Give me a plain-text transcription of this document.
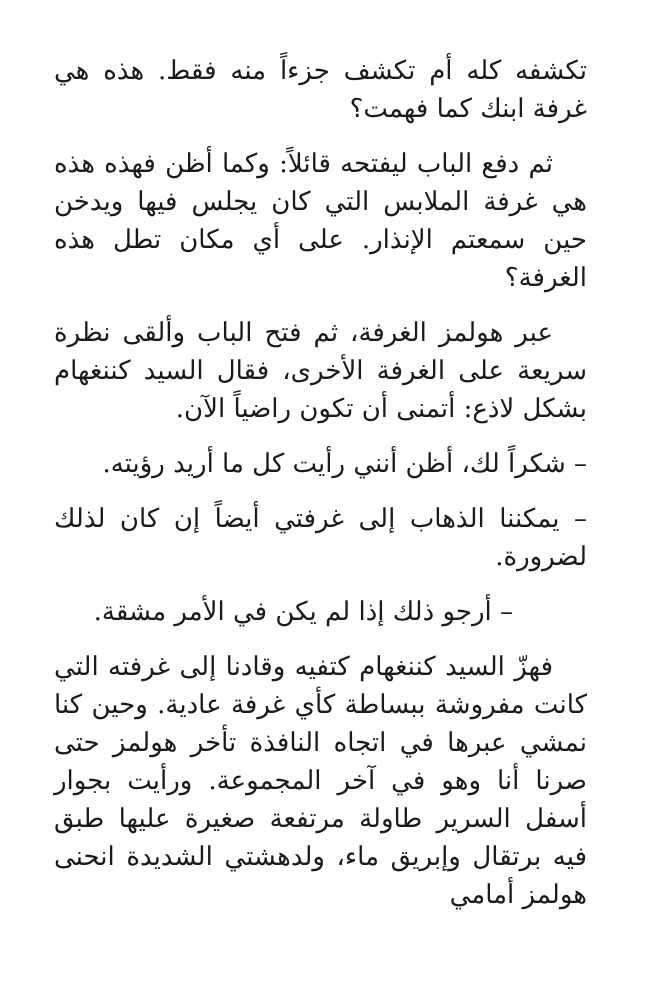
تكشفه كله أم تكشف جزءاً منه فقط. هذه هي غرفة ابنك كما فهمت؟

ثم دفع الباب ليفتحه قائلاً: وكما أظن فهذه هذه هي غرفة الملابس التي كان يجلس فيها ويدخن حين سمعتم الإنذار. على أي مكان تطل هذه الغرفة؟

عبر هولمز الغرفة، ثم فتح الباب وألقى نظرة سريعة على الغرفة الأخرى، فقال السيد كننغهام بشكل لاذع: أتمنى أن تكون راضياً الآن.

– شكراً لك، أظن أنني رأيت كل ما أريد رؤيته.

– يمكننا الذهاب إلى غرفتي أيضاً إن كان لذلك لضرورة.

– أرجو ذلك إذا لم يكن في الأمر مشقة.

فهزّ السيد كننغهام كتفيه وقادنا إلى غرفته التي كانت مفروشة ببساطة كأي غرفة عادية. وحين كنا نمشي عبرها في اتجاه النافذة تأخر هولمز حتى صرنا أنا وهو في آخر المجموعة. ورأيت بجوار أسفل السرير طاولة مرتفعة صغيرة عليها طبق فيه برتقال وإبريق ماء، ولدهشتي الشديدة انحنى هولمز أمامي
